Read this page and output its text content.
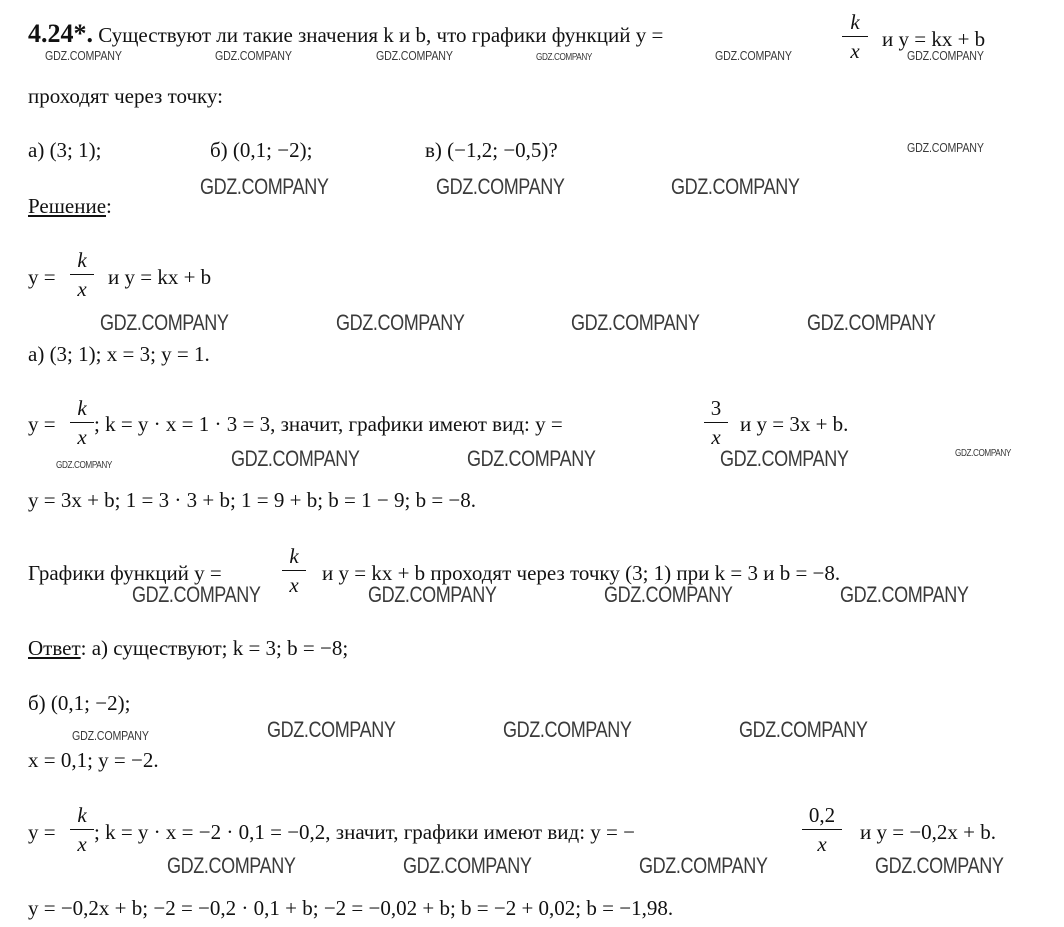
4.24*. Существуют ли такие значения k и b, что графики функций y =
k
x	и y = kx + b
проходят через точку:
а) (3; 1);	б) (0,1; −2);	в) (−1,2; −0,5)?
Решение:
y =
k
x	и y = kx + b
а) (3; 1); x = 3; y = 1.
y =
k
x
; k = y · x = 1 · 3 = 3, значит, графики имеют вид: y =
3
x
и y = 3x + b.
y = 3x + b; 1 = 3 · 3 + b; 1 = 9 + b; b = 1 − 9; b = −8.
Графики функций y =
k
x	и y = kx + b проходят через точку (3; 1) при k = 3 и b = −8.
Ответ: а) существуют; k = 3; b = −8;
б) (0,1; −2);
x = 0,1; y = −2.
y =
k
x ; k = y · x = −2 · 0,1 = −0,2, значит, графики имеют вид: y = −
0,2
x	и y = −0,2x + b.
y = −0,2x + b; −2 = −0,2 · 0,1 + b; −2 = −0,02 + b; b = −2 + 0,02; b = −1,98.
GDZ.COMPANY	GDZ.COMPANY	GDZ.COMPANY	GDZ.COMPANY	GDZ.COMPANY	GDZ.COMPANY
GDZ.COMPANY
GDZ.COMPANY	GDZ.COMPANY	GDZ.COMPANY
GDZ.COMPANY	GDZ.COMPANY	GDZ.COMPANY	GDZ.COMPANY
GDZ.COMPANY	GDZ.COMPANY	GDZ.COMPANY	GDZ.COMPANY	GDZ.COMPANY
GDZ.COMPANY	GDZ.COMPANY	GDZ.COMPANY	GDZ.COMPANY
GDZ.COMPANY	GDZ.COMPANY	GDZ.COMPANY	GDZ.COMPANY
GDZ.COMPANY	GDZ.COMPANY	GDZ.COMPANY	GDZ.COMPANY
